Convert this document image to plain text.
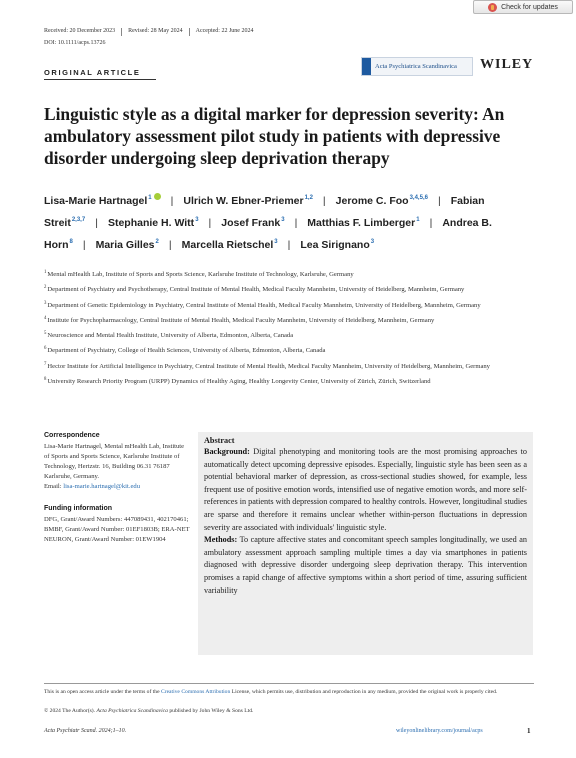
Received: 20 December 2023 Revised: 28 May 2024 Accepted: 22 June 2024
DOI: 10.1111/acps.13726
Check for updates
ORIGINAL ARTICLE
Acta Psychiatrica Scandinavica WILEY
Linguistic style as a digital marker for depression severity: An ambulatory assessment pilot study in patients with depressive disorder undergoing sleep deprivation therapy

Lisa-Marie Hartnagel$^1$ | Ulrich W. Ebner-Priemer$^{1,2}$ | Jerome C. Foo$^{3,4,5,6}$ | Fabian Streit$^{2,3,7}$ | Stephanie H. Witt$^3$ | Josef Frank$^3$ | Matthias F. Limberger$^1$ | Andrea B. Horn$^8$ | Maria Gilles$^2$ | Marcella Rietschel$^3$ | Lea Sirignano$^3$

$^1$Mental mHealth Lab, Institute of Sports and Sports Science, Karlsruhe Institute of Technology, Karlsruhe, Germany
$^2$Department of Psychiatry and Psychotherapy, Central Institute of Mental Health, Medical Faculty Mannheim, University of Heidelberg, Mannheim, Germany
$^3$Department of Genetic Epidemiology in Psychiatry, Central Institute of Mental Health, Medical Faculty Mannheim, University of Heidelberg, Mannheim, Germany
$^4$Institute for Psychopharmacology, Central Institute of Mental Health, Medical Faculty Mannheim, University of Heidelberg, Mannheim, Germany
$^5$Neuroscience and Mental Health Institute, University of Alberta, Edmonton, Alberta, Canada
$^6$Department of Psychiatry, College of Health Sciences, University of Alberta, Edmonton, Alberta, Canada
$^7$Hector Institute for Artificial Intelligence in Psychiatry, Central Institute of Mental Health, Medical Faculty Mannheim, University of Heidelberg, Mannheim, Germany
$^8$University Research Priority Program (URPP) Dynamics of Healthy Aging, Healthy Longevity Center, University of Zürich, Zürich, Switzerland
Correspondence

Lisa-Marie Hartnagel, Mental mHealth Lab, Institute of Sports and Sports Science, Karlsruhe Institute of Technology, Hertzstr. 16, Building 06.31 76187 Karlsruhe, Germany.

Email: lisa-marie.hartnagel@kit.edu

Funding information

DFG, Grant/Award Numbers: 447089431, 402170461; BMBF, Grant/Award Number: 01EF1803B; ERA-NET NEURON, Grant/Award Number: 01EW1904

Abstract

Background: Digital phenotyping and monitoring tools are the most promising approaches to automatically detect upcoming depressive episodes. Especially, linguistic style has been seen as a potential behavioral marker of depression, as cross-sectional studies showed, for example, less frequent use of positive emotion words, intensified use of negative emotion words, and more self-references in patients with depression compared to healthy controls. However, longitudinal studies are sparse and therefore it remains unclear whether within-person fluctuations in depression severity are associated with individuals' linguistic style.

Methods: To capture affective states and concomitant speech samples longitudinally, we used an ambulatory assessment approach sampling multiple times a day via smartphones in patients diagnosed with depressive disorder undergoing sleep deprivation therapy. This intervention promises a rapid change of affective symptoms within a short period of time, assuring sufficient variability

This is an open access article under the terms of the Creative Commons Attribution License, which permits use, distribution and reproduction in any medium, provided the original work is properly cited.

© 2024 The Author(s). Acta Psychiatrica Scandinavica published by John Wiley & Sons Ltd.
Acta Psychiatr Scand. 2024;1–10.	wileyonlinelibrary.com/journal/acps	1
